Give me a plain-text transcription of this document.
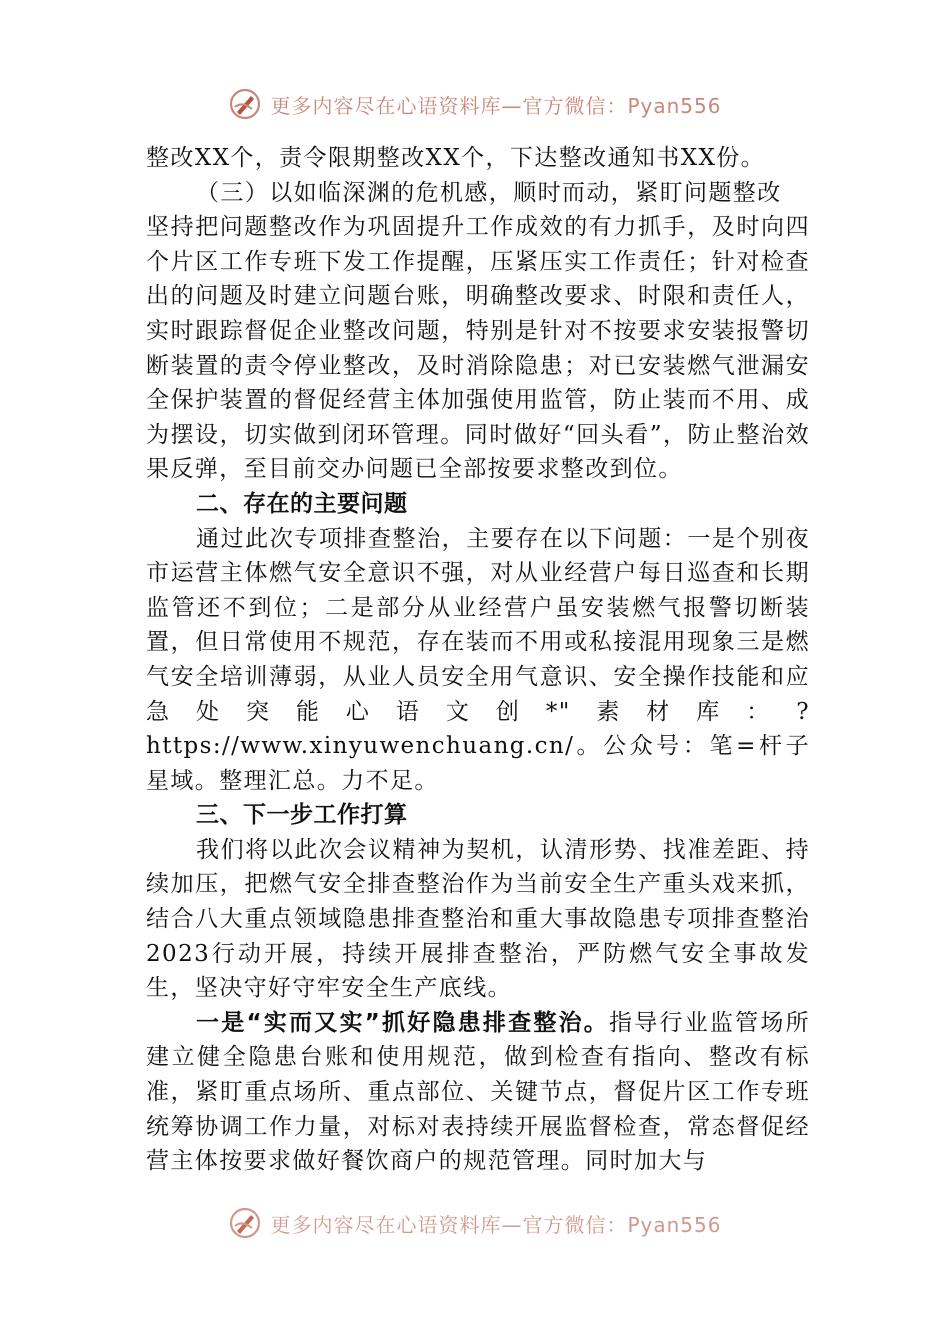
更多内容尽在心语资料库—官方微信：Pyan556

整改XX个，责令限期整改XX个，下达整改通知书XX份。

（三）以如临深渊的危机感，顺时而动，紧盯问题整改

坚持把问题整改作为巩固提升工作成效的有力抓手，及时向四个片区工作专班下发工作提醒，压紧压实工作责任；针对检查出的问题及时建立问题台账，明确整改要求、时限和责任人，实时跟踪督促企业整改问题，特别是针对不按要求安装报警切断装置的责令停业整改，及时消除隐患；对已安装燃气泄漏安全保护装置的督促经营主体加强使用监管，防止装而不用、成为摆设，切实做到闭环管理。同时做好“回头看”，防止整治效果反弹，至目前交办问题已全部按要求整改到位。

二、存在的主要问题

通过此次专项排查整治，主要存在以下问题：一是个别夜市运营主体燃气安全意识不强，对从业经营户每日巡查和长期监管还不到位；二是部分从业经营户虽安装燃气报警切断装置，但日常使用不规范，存在装而不用或私接混用现象三是燃气安全培训薄弱，从业人员安全用气意识、安全操作技能和应急处突能心语文创*"素材库：?https://www.xinyuwenchuang.cn/。公众号：笔=杆子星域。整理汇总。力不足。

三、下一步工作打算

我们将以此次会议精神为契机，认清形势、找准差距、持续加压，把燃气安全排查整治作为当前安全生产重头戏来抓，结合八大重点领域隐患排查整治和重大事故隐患专项排查整治2023行动开展，持续开展排查整治，严防燃气安全事故发生，坚决守好守牢安全生产底线。

一是“实而又实”抓好隐患排查整治。指导行业监管场所建立健全隐患台账和使用规范，做到检查有指向、整改有标准，紧盯重点场所、重点部位、关键节点，督促片区工作专班统筹协调工作力量，对标对表持续开展监督检查，常态督促经营主体按要求做好餐饮商户的规范管理。同时加大与

更多内容尽在心语资料库—官方微信：Pyan556
